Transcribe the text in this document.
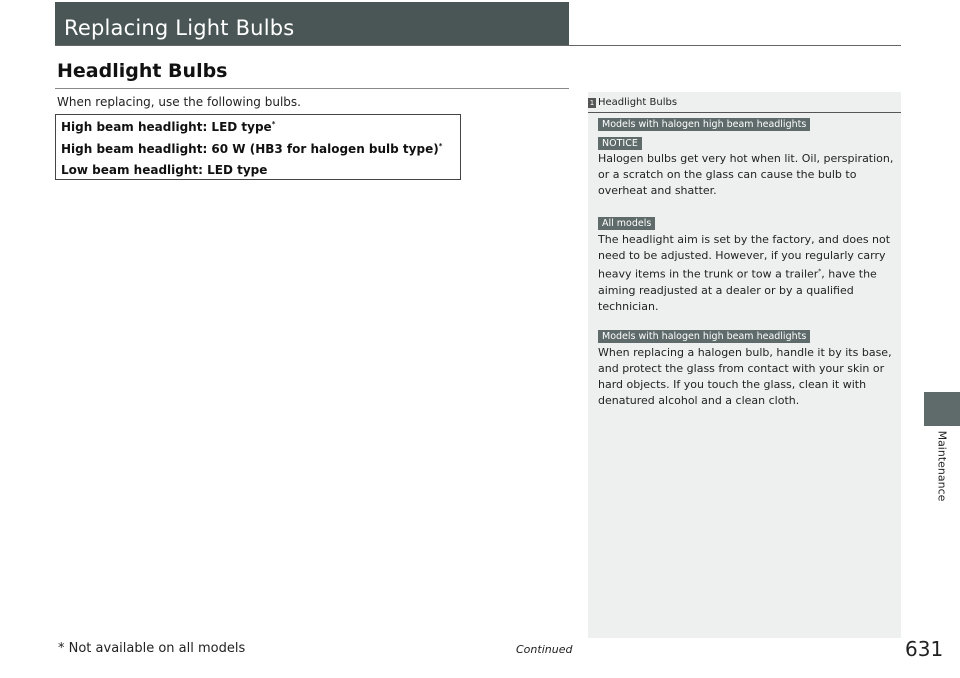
Replacing Light Bulbs
Headlight Bulbs
When replacing, use the following bulbs.
High beam headlight: LED type*
High beam headlight: 60 W (HB3 for halogen bulb type)*
Low beam headlight: LED type
1 Headlight Bulbs
Models with halogen high beam headlights
NOTICE
Halogen bulbs get very hot when lit. Oil, perspiration, or a scratch on the glass can cause the bulb to overheat and shatter.
All models
The headlight aim is set by the factory, and does not need to be adjusted. However, if you regularly carry heavy items in the trunk or tow a trailer*, have the aiming readjusted at a dealer or by a qualified technician.
Models with halogen high beam headlights
When replacing a halogen bulb, handle it by its base, and protect the glass from contact with your skin or hard objects. If you touch the glass, clean it with denatured alcohol and a clean cloth.
Maintenance
* Not available on all models	Continued	631
